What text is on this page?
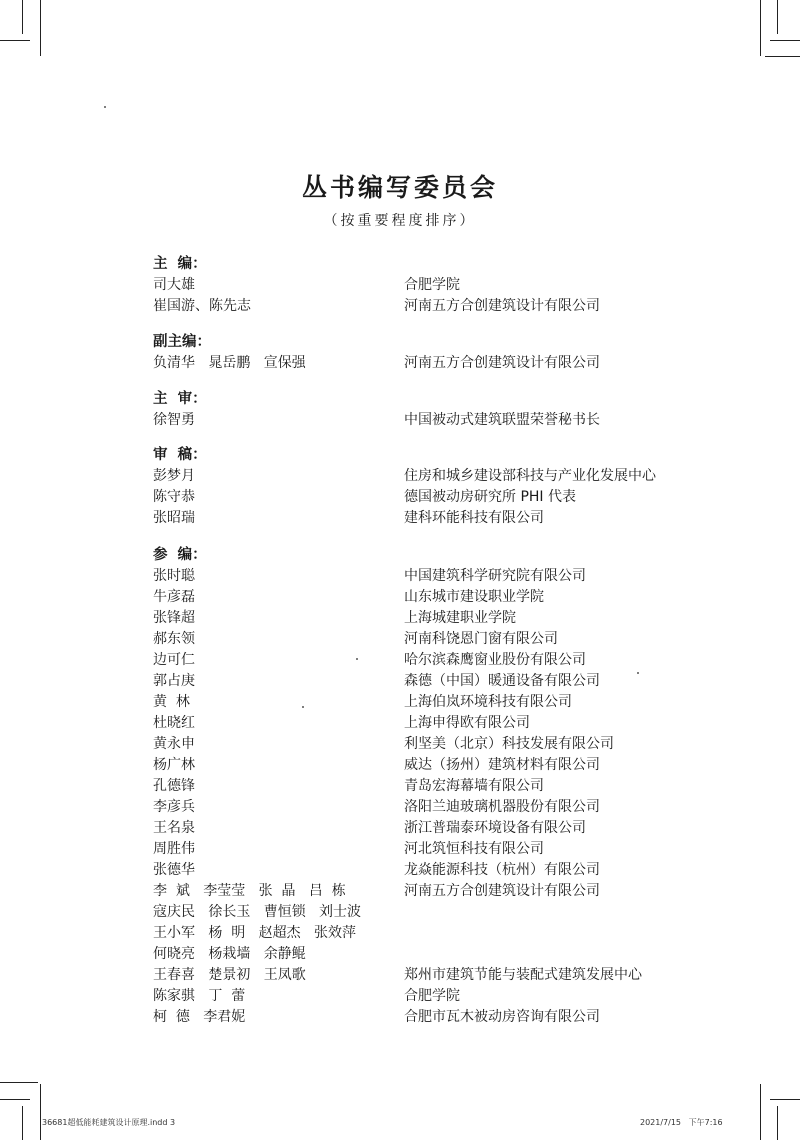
丛书编写委员会
（按重要程度排序）
主  编：
司大雄	合肥学院
崔国游、陈先志	河南五方合创建筑设计有限公司
副主编：
负清华   晁岳鹏   宣保强	河南五方合创建筑设计有限公司
主  审：
徐智勇	中国被动式建筑联盟荣誉秘书长
审  稿：
彭梦月	住房和城乡建设部科技与产业化发展中心
陈守恭	德国被动房研究所 PHI 代表
张昭瑞	建科环能科技有限公司
参  编：
张时聪	中国建筑科学研究院有限公司
牛彦磊	山东城市建设职业学院
张锋超	上海城建职业学院
郝东领	河南科饶恩门窗有限公司
边可仁	哈尔滨森鹰窗业股份有限公司
郭占庚	森德（中国）暖通设备有限公司
黄  林	上海伯岚环境科技有限公司
杜晓红	上海申得欧有限公司
黄永申	利坚美（北京）科技发展有限公司
杨广林	威达（扬州）建筑材料有限公司
孔德锋	青岛宏海幕墙有限公司
李彦兵	洛阳兰迪玻璃机器股份有限公司
王名泉	浙江普瑞泰环境设备有限公司
周胜伟	河北筑恒科技有限公司
张德华	龙焱能源科技（杭州）有限公司
李  斌   李莹莹   张  晶   吕  栋	河南五方合创建筑设计有限公司
寇庆民   徐长玉   曹恒锁   刘士波
王小军   杨  明   赵超杰   张效萍
何晓亮   杨栽墙   余静鲲
王春喜   楚景初   王凤歌	郑州市建筑节能与装配式建筑发展中心
陈家骐   丁  蕾	合肥学院
柯  德   李君妮	合肥市瓦木被动房咨询有限公司
36681超低能耗建筑设计原理.indd 3	2021/7/15   下午7:16
